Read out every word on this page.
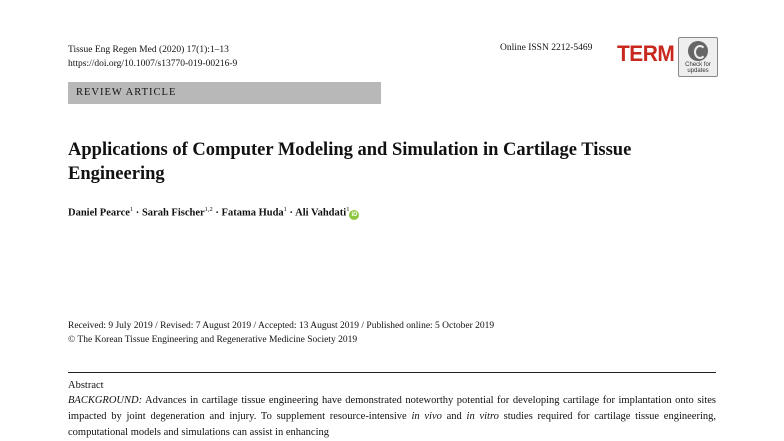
Tissue Eng Regen Med (2020) 17(1):1–13
https://doi.org/10.1007/s13770-019-00216-9
Online ISSN 2212-5469 TERM	Check for updates
REVIEW ARTICLE
Applications of Computer Modeling and Simulation in Cartilage Tissue Engineering
Daniel Pearce$^1$ · Sarah Fischer$^{1,2}$ · Fatama Huda$^1$ · Ali Vahdati$^1$iD
Received: 9 July 2019 / Revised: 7 August 2019 / Accepted: 13 August 2019 / Published online: 5 October 2019
© The Korean Tissue Engineering and Regenerative Medicine Society 2019
Abstract
BACKGROUND: Advances in cartilage tissue engineering have demonstrated noteworthy potential for developing cartilage for implantation onto sites impacted by joint degeneration and injury. To supplement resource-intensive in vivo and in vitro studies required for cartilage tissue engineering, computational models and simulations can assist in enhancing
